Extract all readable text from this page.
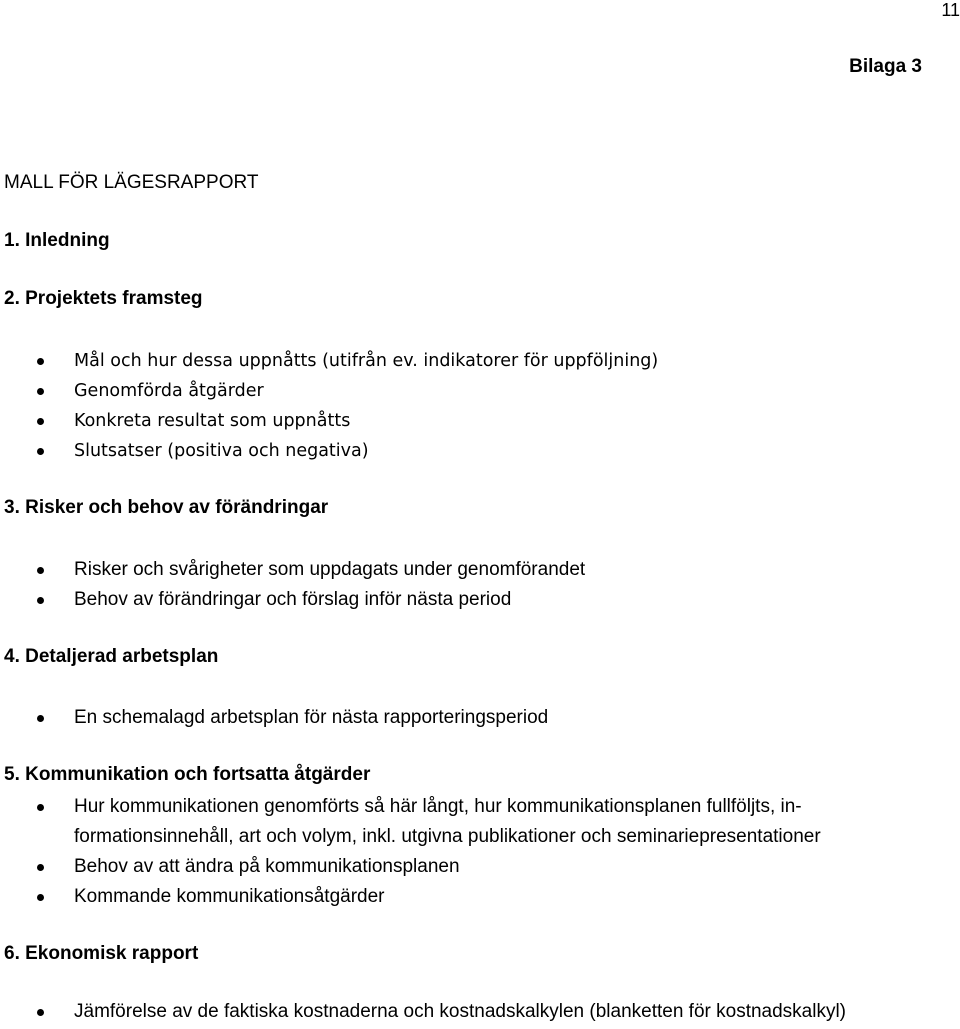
11
Bilaga 3
MALL FÖR LÄGESRAPPORT
1. Inledning
2. Projektets framsteg
Mål och hur dessa uppnåtts (utifrån ev. indikatorer för uppföljning)
Genomförda åtgärder
Konkreta resultat som uppnåtts
Slutsatser (positiva och negativa)
3. Risker och behov av förändringar
Risker och svårigheter som uppdagats under genomförandet
Behov av förändringar och förslag inför nästa period
4. Detaljerad arbetsplan
En schemalagd arbetsplan för nästa rapporteringsperiod
5. Kommunikation och fortsatta åtgärder
Hur kommunikationen genomförts så här långt, hur kommunikationsplanen fullföljts, in-
formationsinnehåll, art och volym, inkl. utgivna publikationer och seminariepresentationer
Behov av att ändra på kommunikationsplanen
Kommande kommunikationsåtgärder
6. Ekonomisk rapport
Jämförelse av de faktiska kostnaderna och kostnadskalkylen (blanketten för kostnadskalkyl)
